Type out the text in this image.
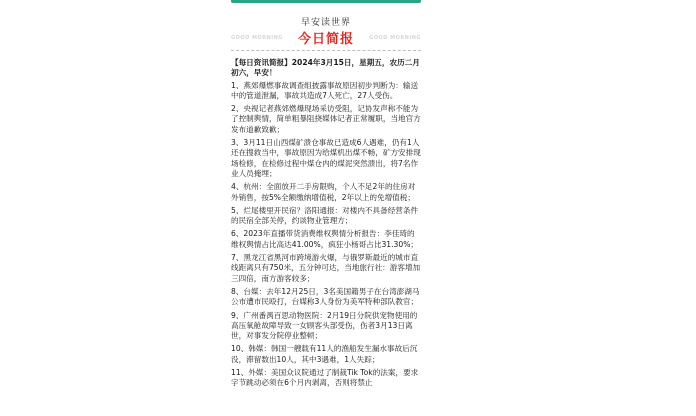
早安读世界
GOOD MORNING	今日简报	GOOD MORNING
【每日资讯简报】2024年3月15日，星期五，农历二月初六，早安！
1、燕郊爆燃事故调查组披露事故原因初步判断为：输送中的管道泄漏，事故共造成7人死亡，27人受伤。
2、央视记者燕郊燃爆现场采访受阻，记协发声称不能为了控制舆情，简单粗暴阻挠媒体记者正常履职，当地官方发布道歉致歉；
3、3月11日山西煤矿溃仓事故已造成6人遇难，仍有1人还在搜救当中，事故原因为给煤机出煤不畅，矿方安排现场检修，在检修过程中煤仓内的煤泥突然溃出，将7名作业人员掩埋；
4、杭州：全面放开二手房限购，个人不足2年的住房对外销售，按5%全额缴纳增值税，2年以上的免增值税；
5、烂尾楼里开民宿？洛阳通报：对楼内不具备经营条件的民宿全部关停，约谈物业管理方；
6、2023年直播带货消费维权舆情分析报告：李佳琦的维权舆情占比高达41.00%，疯狂小杨哥占比31.30%；
7、黑龙江省黑河市跨境游火爆，与俄罗斯最近的城市直线距离只有750米，五分钟可达，当地旅行社：游客增加三四倍，南方游客较多；
8、台媒：去年12月25日，3名美国籍男子在台湾澎湖马公市遭市民殴打，台媒称3人身份为美军特种部队教官；
9、广州番禺百思动物医院：2月19日分院供宠物使用的高压氧舱故障导致一女顾客头部受伤，伤者3月13日离世，对事发分院停业整顿；
10、韩媒：韩国一艘载有11人的渔船发生漏水事故后沉没，滞留数出10人，其中3遇难，1人失踪；
11、外媒：美国众议院通过了制裁Tik Tok的法案，要求字节跳动必须在6个月内剥离，否则将禁止
